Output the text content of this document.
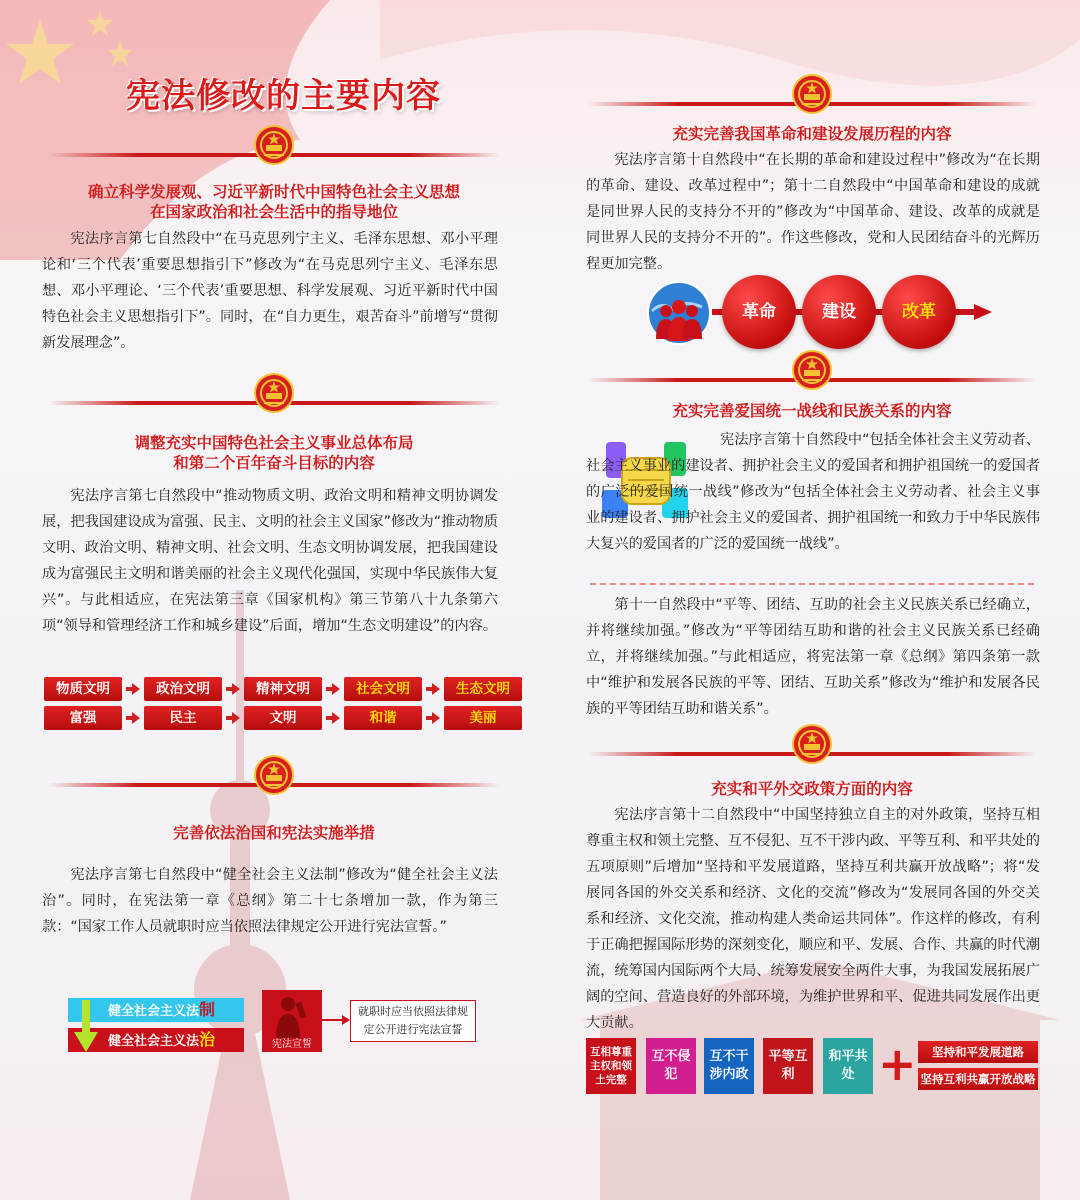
宪法修改的主要内容
确立科学发展观、习近平新时代中国特色社会主义思想
在国家政治和社会生活中的指导地位

宪法序言第七自然段中“在马克思列宁主义、毛泽东思想、邓小平理论和‘三个代表’重要思想指引下”修改为“在马克思列宁主义、毛泽东思想、邓小平理论、‘三个代表’重要思想、科学发展观、习近平新时代中国特色社会主义思想指引下”。同时，在“自力更生，艰苦奋斗”前增写“贯彻新发展理念”。

调整充实中国特色社会主义事业总体布局
和第二个百年奋斗目标的内容

宪法序言第七自然段中“推动物质文明、政治文明和精神文明协调发展，把我国建设成为富强、民主、文明的社会主义国家”修改为“推动物质文明、政治文明、精神文明、社会文明、生态文明协调发展，把我国建设成为富强民主文明和谐美丽的社会主义现代化强国，实现中华民族伟大复兴”。与此相适应，在宪法第三章《国家机构》第三节第八十九条第六项“领导和管理经济工作和城乡建设”后面，增加“生态文明建设”的内容。

物质文明	政治文明	精神文明	社会文明	生态文明
富强	民主	文明	和谐	美丽
完善依法治国和宪法实施举措

宪法序言第七自然段中“健全社会主义法制”修改为“健全社会主义法治”。同时，在宪法第一章《总纲》第二十七条增加一款，作为第三款：“国家工作人员就职时应当依照法律规定公开进行宪法宣誓。”

健全社会主义法制
健全社会主义法治	宪法宣誓
就职时应当依照法律规定公开进行宪法宣誓
充实完善我国革命和建设发展历程的内容

宪法序言第十自然段中“在长期的革命和建设过程中”修改为“在长期的革命、建设、改革过程中”；第十二自然段中“中国革命和建设的成就是同世界人民的支持分不开的”修改为“中国革命、建设、改革的成就是同世界人民的支持分不开的”。作这些修改，党和人民团结奋斗的光辉历程更加完整。

革命	建设	改革
充实完善爱国统一战线和民族关系的内容

宪法序言第十自然段中“包括全体社会主义劳动者、社会主义事业的建设者、拥护社会主义的爱国者和拥护祖国统一的爱国者的广泛的爱国统一战线”修改为“包括全体社会主义劳动者、社会主义事业的建设者、拥护社会主义的爱国者、拥护祖国统一和致力于中华民族伟大复兴的爱国者的广泛的爱国统一战线”。

第十一自然段中“平等、团结、互助的社会主义民族关系已经确立，并将继续加强。”修改为“平等团结互助和谐的社会主义民族关系已经确立，并将继续加强。”与此相适应，将宪法第一章《总纲》第四条第一款中“维护和发展各民族的平等、团结、互助关系”修改为“维护和发展各民族的平等团结互助和谐关系”。

充实和平外交政策方面的内容

宪法序言第十二自然段中“中国坚持独立自主的对外政策，坚持互相尊重主权和领土完整、互不侵犯、互不干涉内政、平等互利、和平共处的五项原则”后增加“坚持和平发展道路，坚持互利共赢开放战略”；将“发展同各国的外交关系和经济、文化的交流”修改为“发展同各国的外交关系和经济、文化交流，推动构建人类命运共同体”。作这样的修改，有利于正确把握国际形势的深刻变化，顺应和平、发展、合作、共赢的时代潮流，统筹国内国际两个大局、统筹发展安全两件大事，为我国发展拓展广阔的空间、营造良好的外部环境，为维护世界和平、促进共同发展作出更大贡献。

互相尊重主权和领土完整
互不侵犯
互不干涉内政
平等互利
和平共处 +	坚持和平发展道路
坚持互利共赢开放战略
